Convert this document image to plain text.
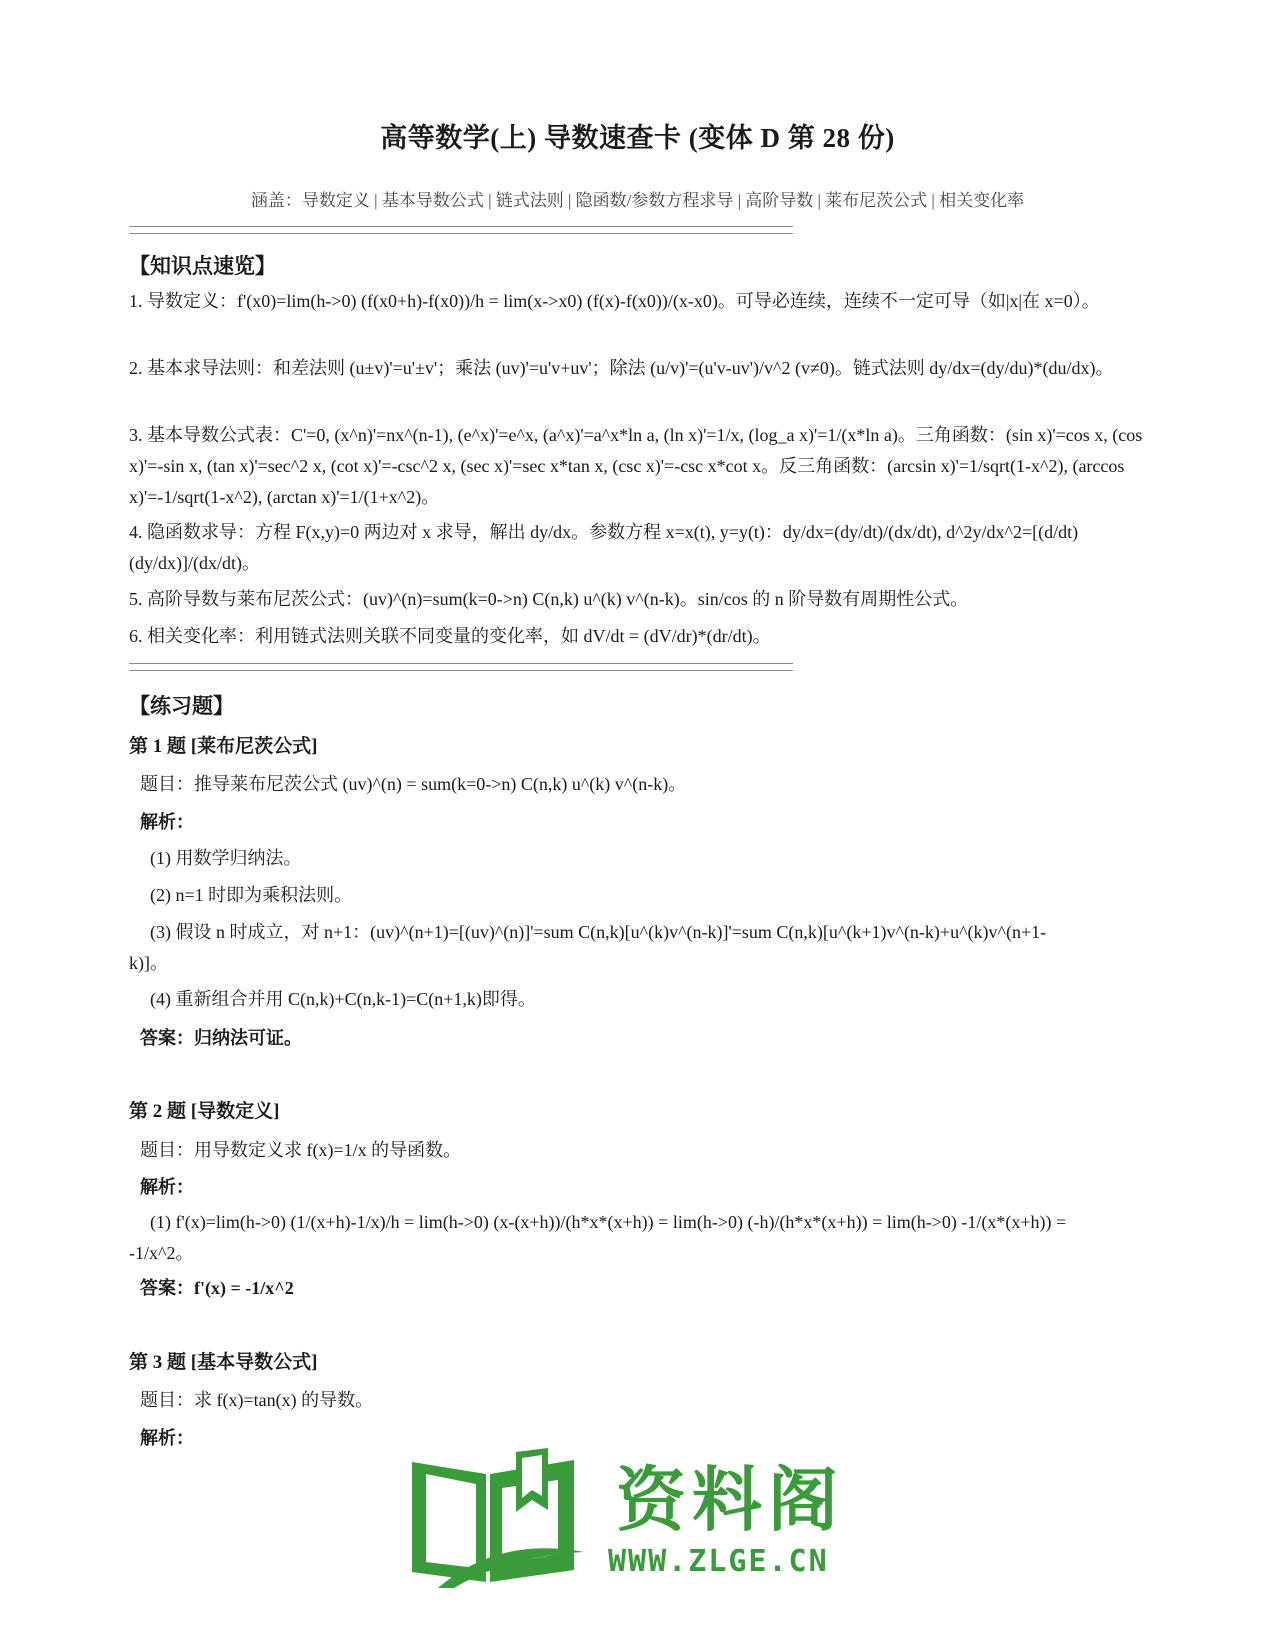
高等数学(上) 导数速查卡 (变体 D 第 28 份)
涵盖：导数定义 | 基本导数公式 | 链式法则 | 隐函数/参数方程求导 | 高阶导数 | 莱布尼茨公式 | 相关变化率
【知识点速览】
1. 导数定义：f'(x0)=lim(h->0) (f(x0+h)-f(x0))/h = lim(x->x0) (f(x)-f(x0))/(x-x0)。可导必连续，连续不一定可导（如|x|在 x=0）。
2. 基本求导法则：和差法则 (u±v)'=u'±v'；乘法 (uv)'=u'v+uv'；除法 (u/v)'=(u'v-uv')/v^2 (v≠0)。链式法则 dy/dx=(dy/du)*(du/dx)。
3. 基本导数公式表：C'=0, (x^n)'=nx^(n-1), (e^x)'=e^x, (a^x)'=a^x*ln a, (ln x)'=1/x, (log_a x)'=1/(x*ln a)。三角函数：(sin x)'=cos x, (cos x)'=-sin x, (tan x)'=sec^2 x, (cot x)'=-csc^2 x, (sec x)'=sec x*tan x, (csc x)'=-csc x*cot x。反三角函数：(arcsin x)'=1/sqrt(1-x^2), (arccos x)'=-1/sqrt(1-x^2), (arctan x)'=1/(1+x^2)。
4. 隐函数求导：方程 F(x,y)=0 两边对 x 求导，解出 dy/dx。参数方程 x=x(t), y=y(t)：dy/dx=(dy/dt)/(dx/dt), d^2y/dx^2=[(d/dt)(dy/dx)]/(dx/dt)。
5. 高阶导数与莱布尼茨公式：(uv)^(n)=sum(k=0->n) C(n,k) u^(k) v^(n-k)。sin/cos 的 n 阶导数有周期性公式。
6. 相关变化率：利用链式法则关联不同变量的变化率，如 dV/dt = (dV/dr)*(dr/dt)。
【练习题】
第 1 题 [莱布尼茨公式]
题目：推导莱布尼茨公式 (uv)^(n) = sum(k=0->n) C(n,k) u^(k) v^(n-k)。
解析：
(1) 用数学归纳法。
(2) n=1 时即为乘积法则。
(3) 假设 n 时成立，对 n+1：(uv)^(n+1)=[(uv)^(n)]'=sum C(n,k)[u^(k)v^(n-k)]'=sum C(n,k)[u^(k+1)v^(n-k)+u^(k)v^(n+1-k)]。
(4) 重新组合并用 C(n,k)+C(n,k-1)=C(n+1,k)即得。
答案：归纳法可证。
第 2 题 [导数定义]
题目：用导数定义求 f(x)=1/x 的导函数。
解析：
(1) f'(x)=lim(h->0) (1/(x+h)-1/x)/h = lim(h->0) (x-(x+h))/(h*x*(x+h)) = lim(h->0) (-h)/(h*x*(x+h)) = lim(h->0) -1/(x*(x+h)) = -1/x^2。
答案：f'(x) = -1/x^2
第 3 题 [基本导数公式]
题目：求 f(x)=tan(x) 的导数。
解析：
资料阁
WWW.ZLGE.CN
